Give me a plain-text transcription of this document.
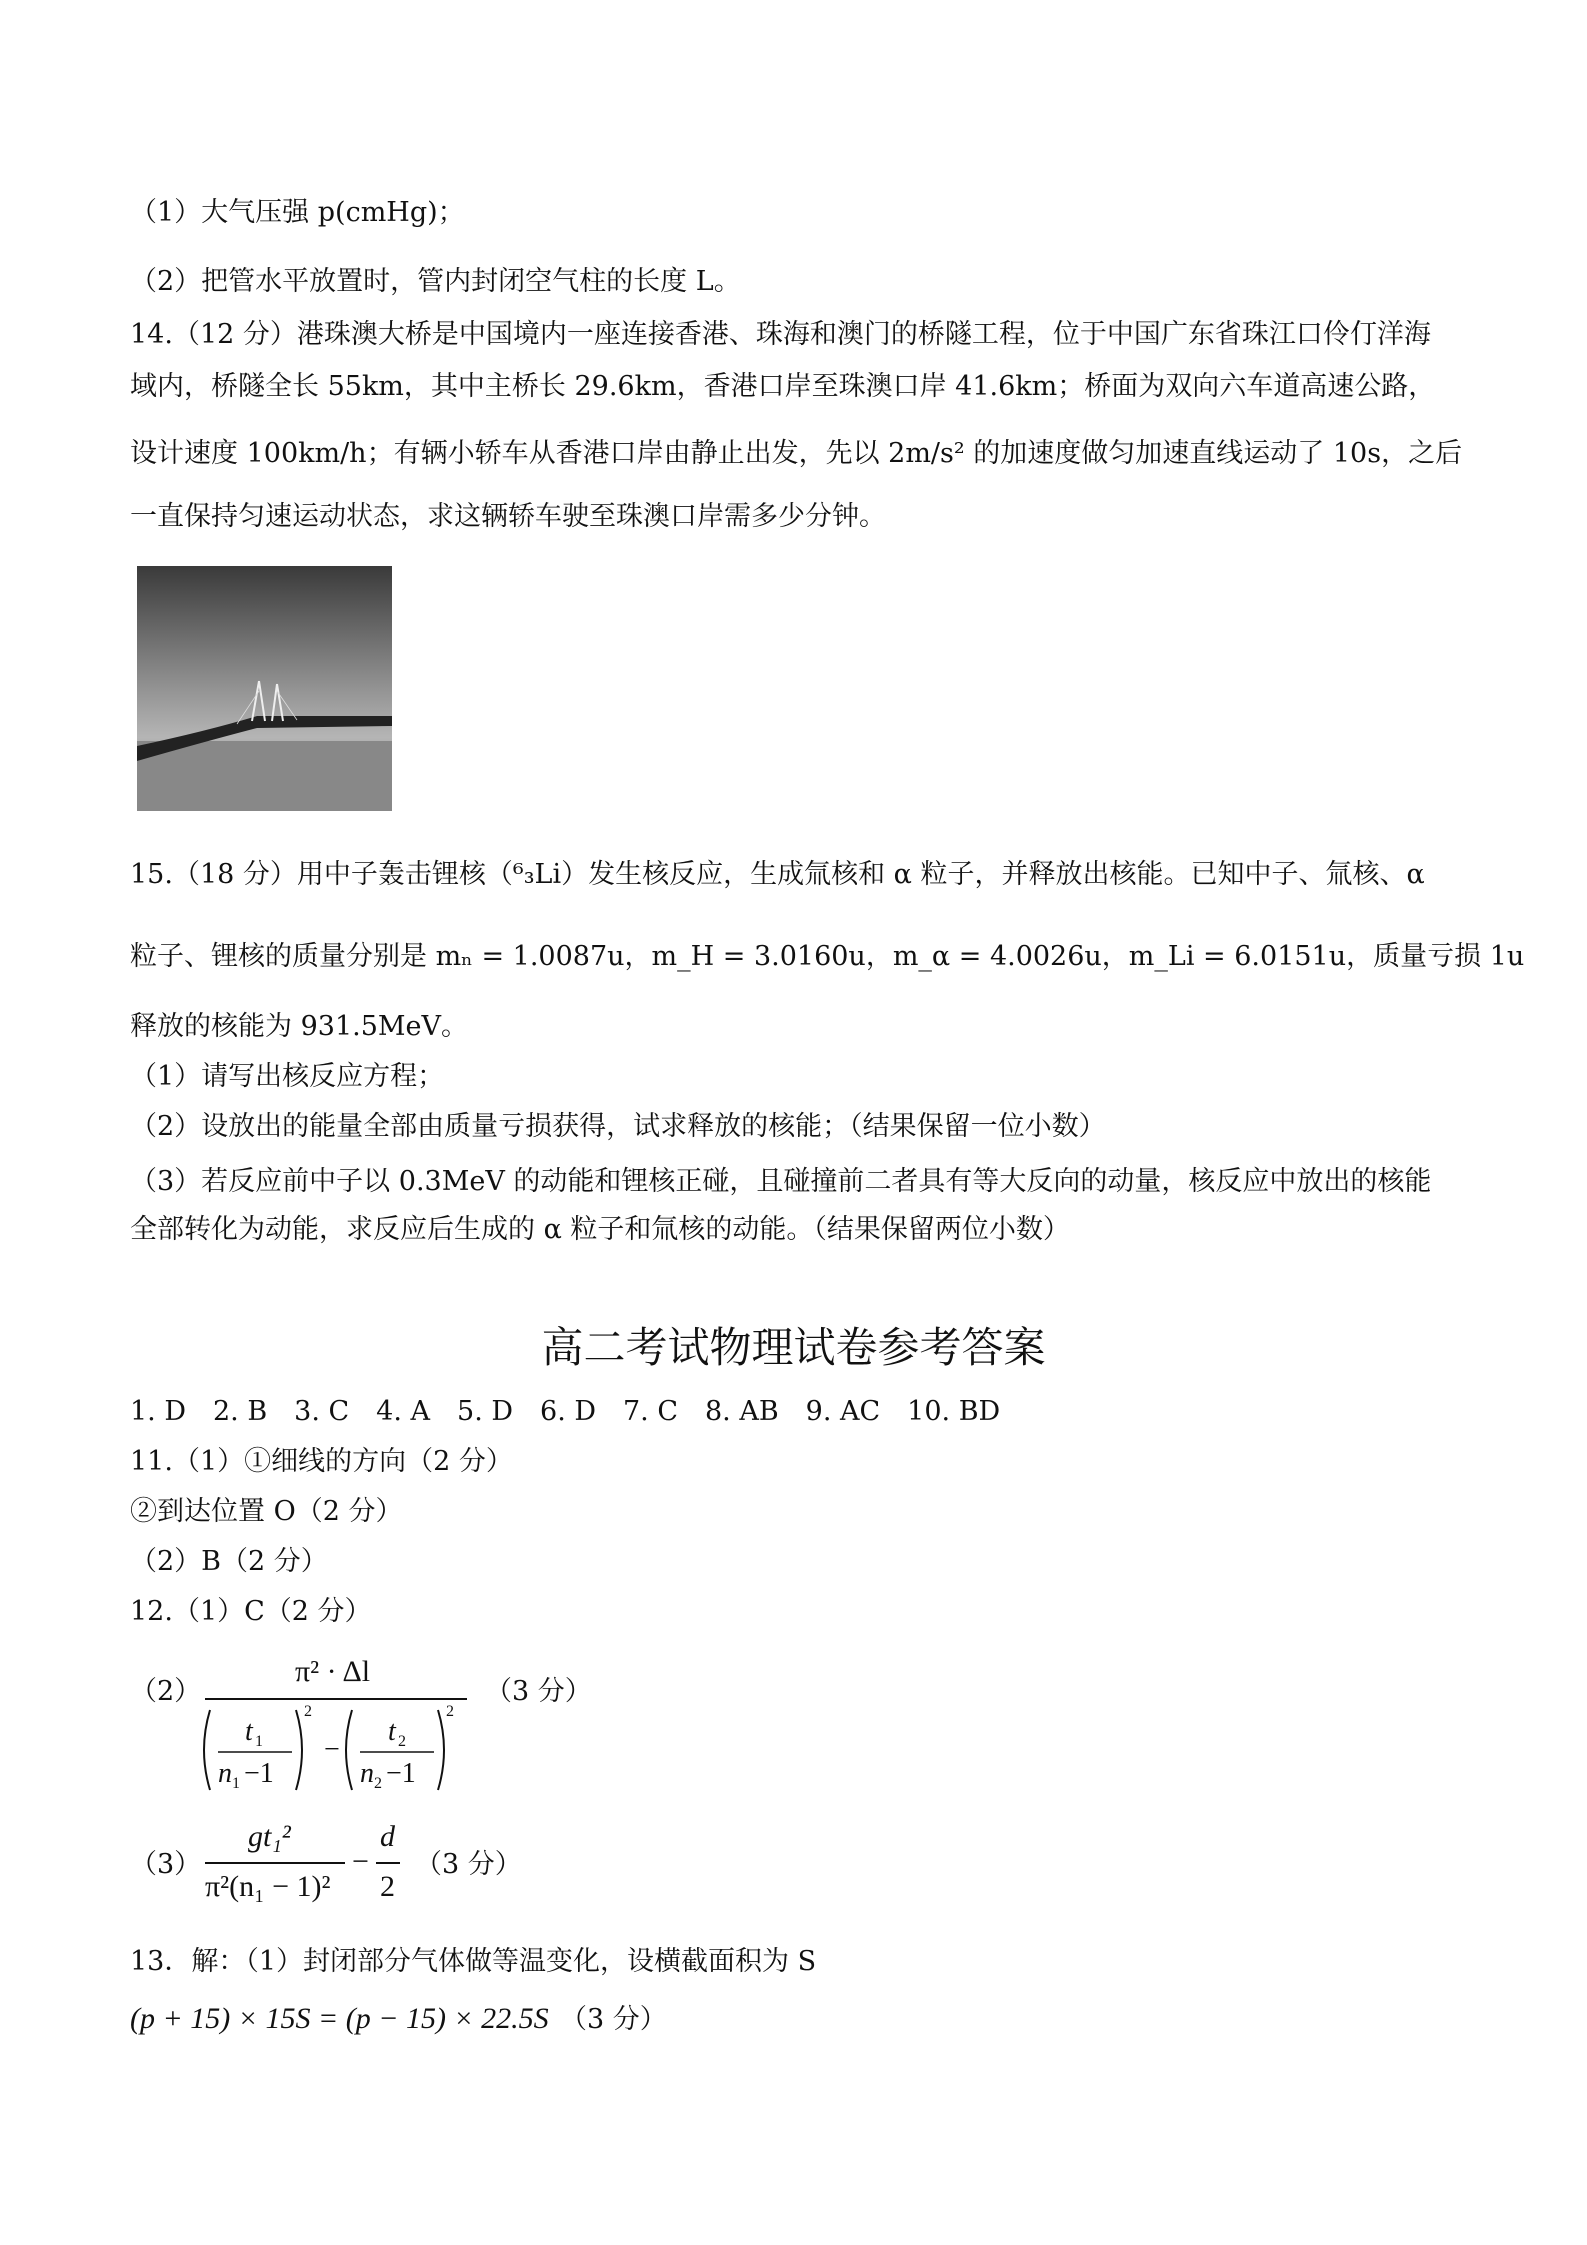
（1）大气压强 p(cmHg)；
（2）把管水平放置时，管内封闭空气柱的长度 L。
14.（12 分）港珠澳大桥是中国境内一座连接香港、珠海和澳门的桥隧工程，位于中国广东省珠江口伶仃洋海
域内，桥隧全长 55km，其中主桥长 29.6km，香港口岸至珠澳口岸 41.6km；桥面为双向六车道高速公路，
设计速度 100km/h；有辆小轿车从香港口岸由静止出发，先以 2m/s² 的加速度做匀加速直线运动了 10s，之后
一直保持匀速运动状态，求这辆轿车驶至珠澳口岸需多少分钟。
15.（18 分）用中子轰击锂核（⁶₃Li）发生核反应，生成氚核和 α 粒子，并释放出核能。已知中子、氚核、α
粒子、锂核的质量分别是 mₙ = 1.0087u，m_H = 3.0160u，m_α = 4.0026u，m_Li = 6.0151u，质量亏损 1u
释放的核能为 931.5MeV。
（1）请写出核反应方程；
（2）设放出的能量全部由质量亏损获得，试求释放的核能；（结果保留一位小数）
（3）若反应前中子以 0.3MeV 的动能和锂核正碰，且碰撞前二者具有等大反向的动量，核反应中放出的核能
全部转化为动能，求反应后生成的 α 粒子和氚核的动能。（结果保留两位小数）
高二考试物理试卷参考答案
1. D　2. B　3. C　4. A　5. D　6. D　7. C　8. AB　9. AC　10. BD
11.（1）①细线的方向（2 分）
②到达位置 O（2 分）
（2）B（2 分）
12.（1）C（2 分）
（2）
π² · Δl
t 1
n 1 −1
2
−
t 2
n 2 −1
2
（3 分）
（3）
gt₁²
π²(n₁ − 1)²
−
d
2
（3 分）
13．解：（1）封闭部分气体做等温变化，设横截面积为 S
(p + 15) × 15S = (p − 15) × 22.5S （3 分）
